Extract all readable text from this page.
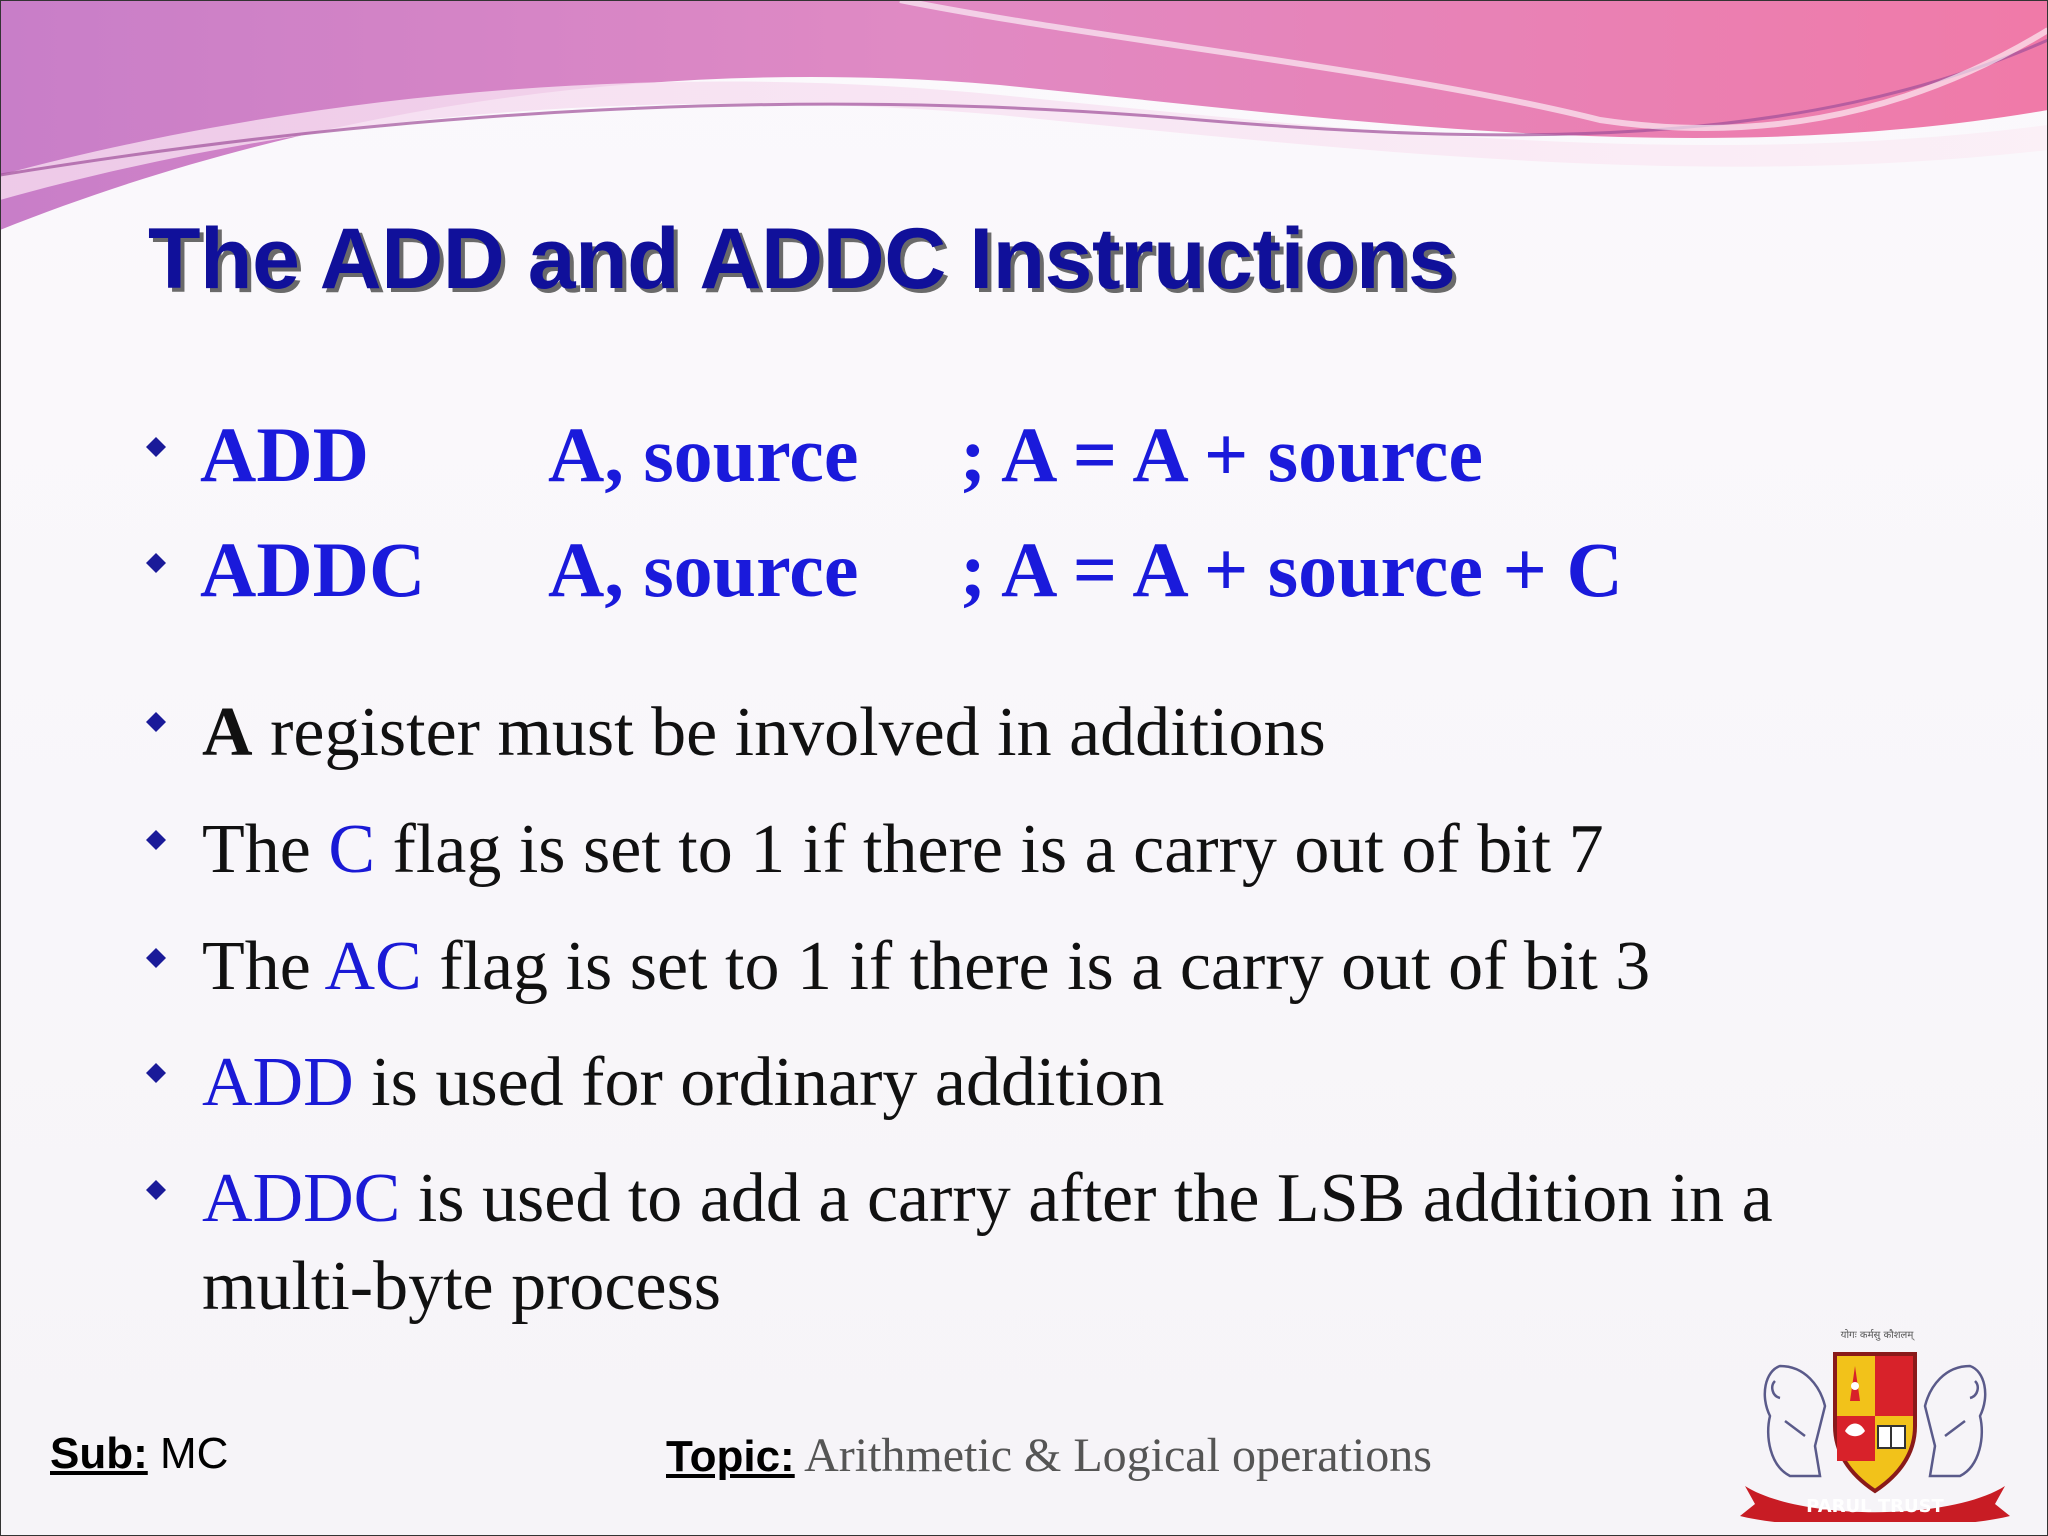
The ADD and ADDC Instructions
ADD A, source ; A = A + source
ADDC A, source ; A = A + source + C
A register must be involved in additions
The C flag is set to 1 if there is a carry out of bit 7
The AC flag is set to 1 if there is a carry out of bit 3
ADD is used for ordinary addition
ADDC is used to add a carry after the LSB addition in a
multi-byte process
Sub: MC	Topic: Arithmetic & Logical operations
योगः कर्मसु कौशलम्
PARUL TRUST
